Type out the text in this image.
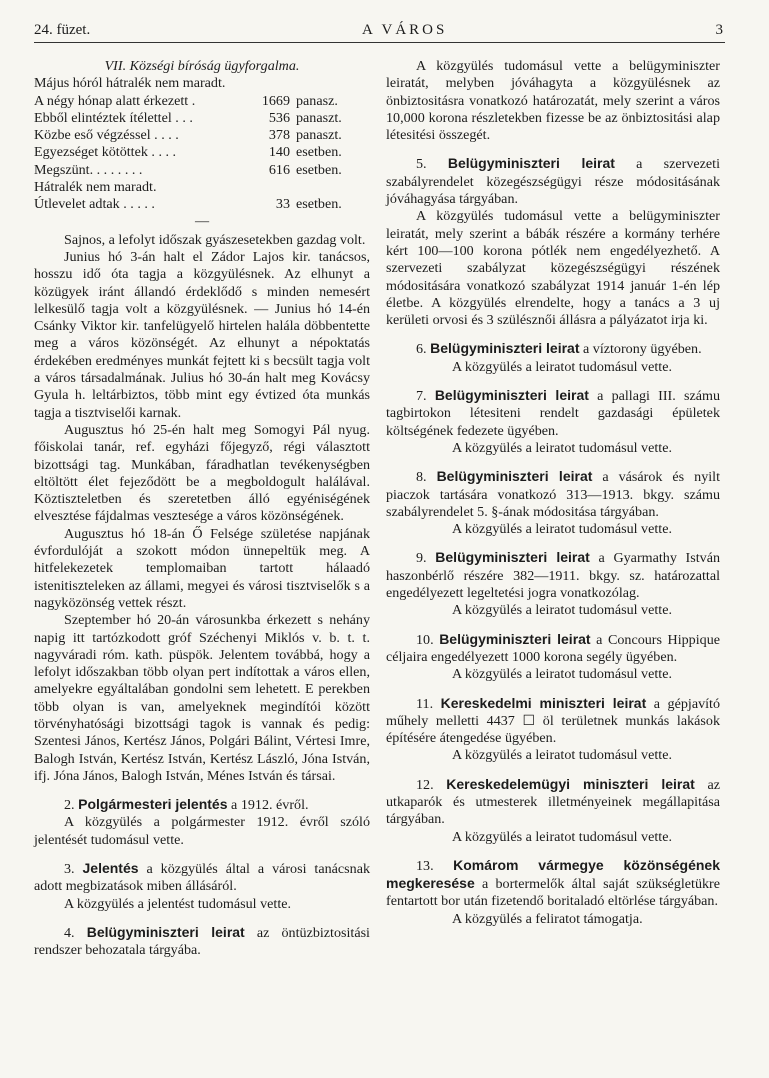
24. füzet.	A VÁROS	3

VII. Községi bíróság ügyforgalma.

Május hóról hátralék nem maradt.

A négy hónap alatt érkezett .	1669 panasz.
Ebből elintéztek ítélettel . . .	536 panaszt.
Közbe eső végzéssel . . . .	378 panaszt.
Egyezséget kötöttek . . . .	140 esetben.
Megszünt. . . . . . . .	616 esetben.

Hátralék nem maradt.

Útlevelet adtak . . . . .	33 esetben.
—

Sajnos, a lefolyt időszak gyászesetekben gazdag volt.

Junius hó 3-án halt el Zádor Lajos kir. tanácsos, hosszu idő óta tagja a közgyülésnek. Az elhunyt a közügyek iránt állandó érdeklődő s minden nemesért lelkesülő tagja volt a közgyülésnek. — Junius hó 14-én Csánky Viktor kir. tanfelügyelő hirtelen halála döbbentette meg a város közönségét. Az elhunyt a népoktatás érdekében eredményes munkát fejtett ki s becsült tagja volt a város társadalmának. Julius hó 30-án halt meg Kovácsy Gyula h. leltárbiztos, több mint egy évtized óta munkás tagja a tisztviselői karnak.

Augusztus hó 25-én halt meg Somogyi Pál nyug. főiskolai tanár, ref. egyházi főjegyző, régi választott bizottsági tag. Munkában, fáradhatlan tevékenységben eltöltött élet fejeződött be a megboldogult halálával. Köztiszteletben és szeretetben álló egyéniségének elvesztése fájdalmas vesztesége a város közönségének.

Augusztus hó 18-án Ő Felsége születése napjának évfordulóját a szokott módon ünnepeltük meg. A hitfelekezetek templomaiban tartott hálaadó istenitiszteleken az állami, megyei és városi tisztviselők s a nagyközönség vettek részt.

Szeptember hó 20-án városunkba érkezett s nehány napig itt tartózkodott gróf Széchenyi Miklós v. b. t. t. nagyváradi róm. kath. püspök. Jelentem továbbá, hogy a lefolyt időszakban több olyan pert indítottak a város ellen, amelyekre egyáltalában gondolni sem lehetett. E perekben több olyan is van, amelyeknek megindítói között törvényhatósági bizottsági tagok is vannak és pedig: Szentesi János, Kertész János, Polgári Bálint, Vértesi Imre, Balogh István, Kertész István, Kertész László, Jóna István, ifj. Jóna János, Balogh István, Ménes István és társai.

2. Polgármesteri jelentés a 1912. évről.

A közgyülés a polgármester 1912. évről szóló jelentését tudomásul vette.

3. Jelentés a közgyülés által a városi tanácsnak adott megbizatások miben állásáról.

A közgyülés a jelentést tudomásul vette.

4. Belügyminiszteri leirat az öntüzbiztositási rendszer behozatala tárgyába.

A közgyülés tudomásul vette a belügyminiszter leiratát, melyben jóváhagyta a közgyülésnek az önbiztositásra vonatkozó határozatát, mely szerint a város 10,000 korona részletekben fizesse be az önbiztositási alap létesitési összegét.

5. Belügyminiszteri leirat a szervezeti szabályrendelet közegészségügyi része módositásának jóváhagyása tárgyában.

A közgyülés tudomásul vette a belügyminiszter leiratát, mely szerint a bábák részére a kormány terhére kért 100—100 korona pótlék nem engedélyezhető. A szervezeti szabályzat közegészségügyi részének módositására vonatkozó szabályzat 1914 január 1-én lép életbe. A közgyülés elrendelte, hogy a tanács a 3 uj kerületi orvosi és 3 szülésznői állásra a pályázatot irja ki.

6. Belügyminiszteri leirat a víztorony ügyében.

A közgyülés a leiratot tudomásul vette.

7. Belügyminiszteri leirat a pallagi III. számu tagbirtokon létesiteni rendelt gazdasági épületek költségének fedezete ügyében.

A közgyülés a leiratot tudomásul vette.

8. Belügyminiszteri leirat a vásárok és nyilt piaczok tartására vonatkozó 313—1913. bkgy. számu szabályrendelet 5. §-ának módositása tárgyában.

A közgyülés a leiratot tudomásul vette.

9. Belügyminiszteri leirat a Gyarmathy István haszonbérlő részére 382—1911. bkgy. sz. határozattal engedélyezett legeltetési jogra vonatkozólag.

A közgyülés a leiratot tudomásul vette.

10. Belügyminiszteri leirat a Concours Hippique céljaira engedélyezett 1000 korona segély ügyében.

A közgyülés a leiratot tudomásul vette.

11. Kereskedelmi miniszteri leirat a gépjavító műhely melletti 4437 ☐ öl területnek munkás lakások építésére átengedése ügyében.

A közgyülés a leiratot tudomásul vette.

12. Kereskedelemügyi miniszteri leirat az utkaparók és utmesterek illetményeinek megállapitása tárgyában.

A közgyülés a leiratot tudomásul vette.

13. Komárom vármegye közönségének megkeresése a bortermelők által saját szükségletükre fentartott bor után fizetendő boritaladó eltörlése tárgyában.

A közgyülés a feliratot támogatja.
